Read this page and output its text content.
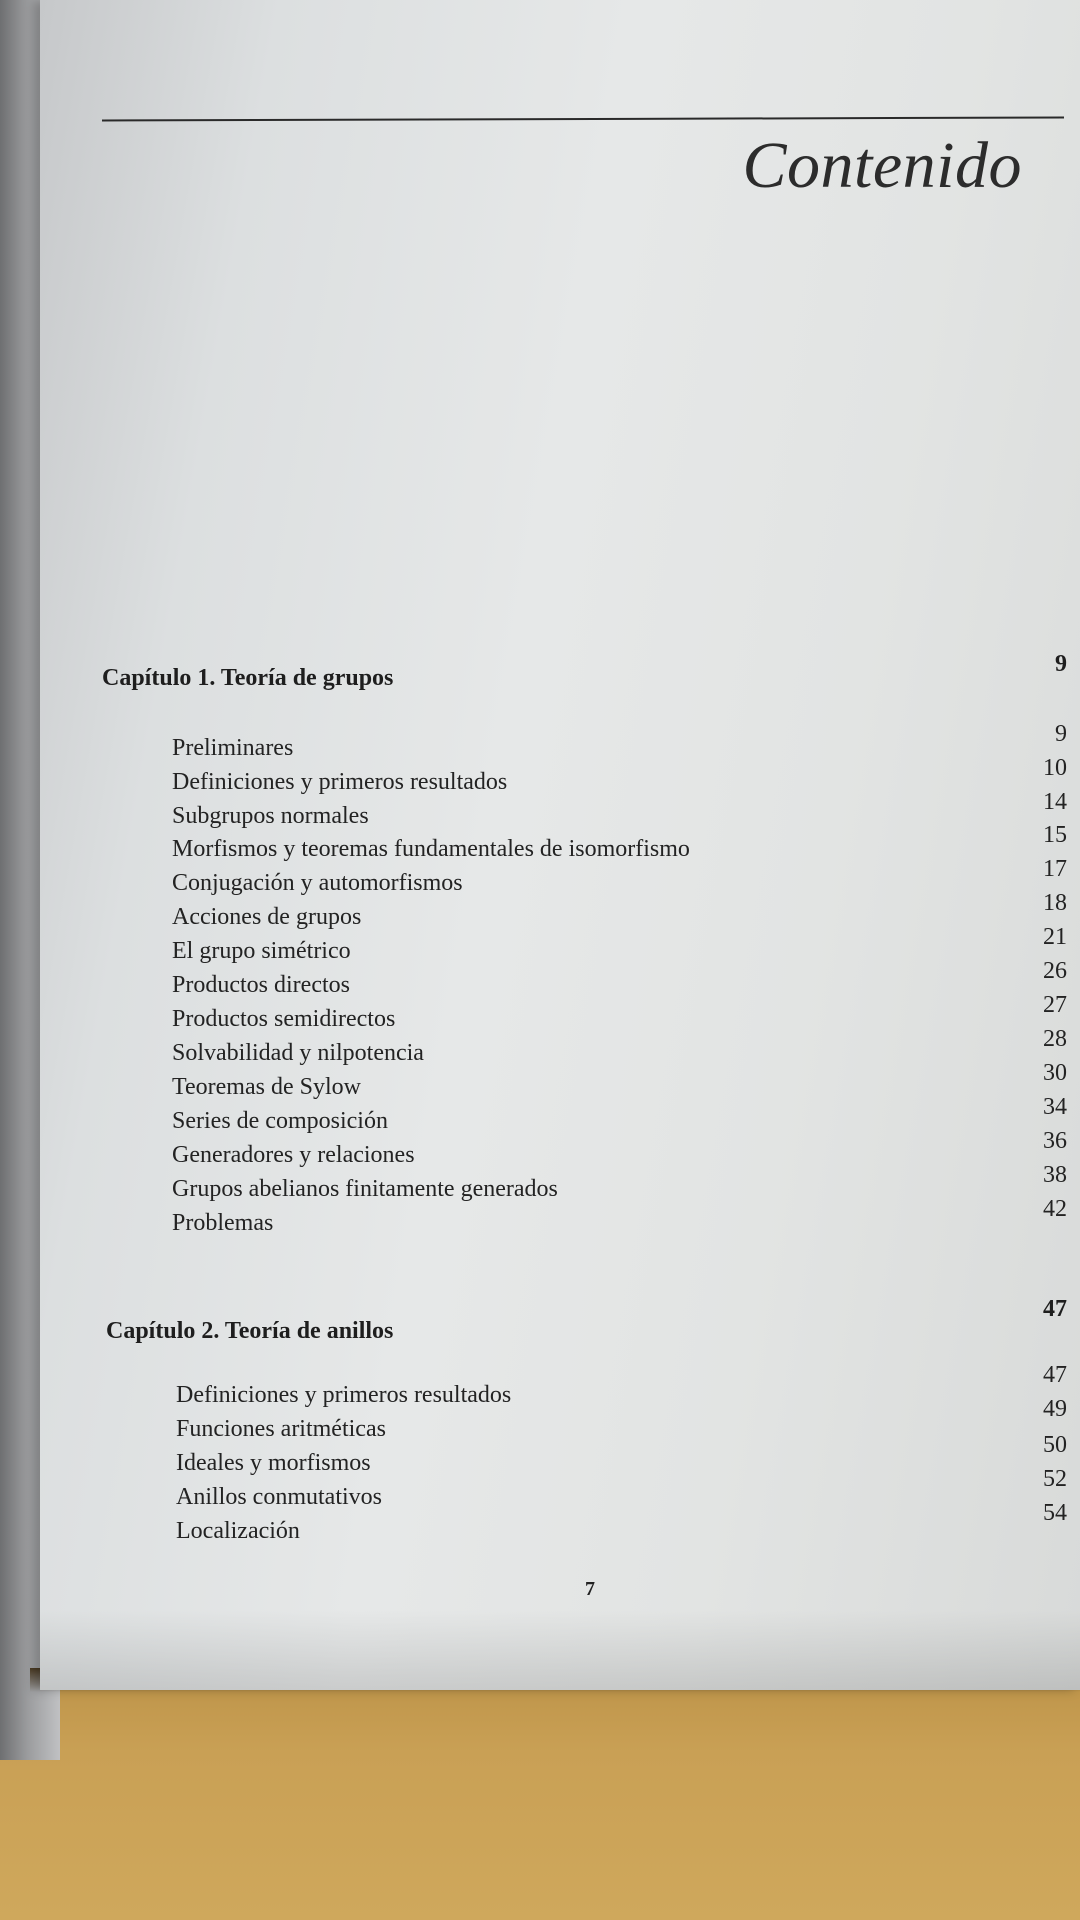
Contenido
Capítulo 1. Teoría de grupos
9
Preliminares
9
Definiciones y primeros resultados
10
Subgrupos normales
14
Morfismos y teoremas fundamentales de isomorfismo
15
Conjugación y automorfismos
17
Acciones de grupos
18
El grupo simétrico
21
Productos directos
26
Productos semidirectos
27
Solvabilidad y nilpotencia
28
Teoremas de Sylow
30
Series de composición
34
Generadores y relaciones
36
Grupos abelianos finitamente generados
38
Problemas
42
Capítulo 2. Teoría de anillos
47
Definiciones y primeros resultados
47
Funciones aritméticas
49
Ideales y morfismos
50
Anillos conmutativos
52
Localización
54
7
